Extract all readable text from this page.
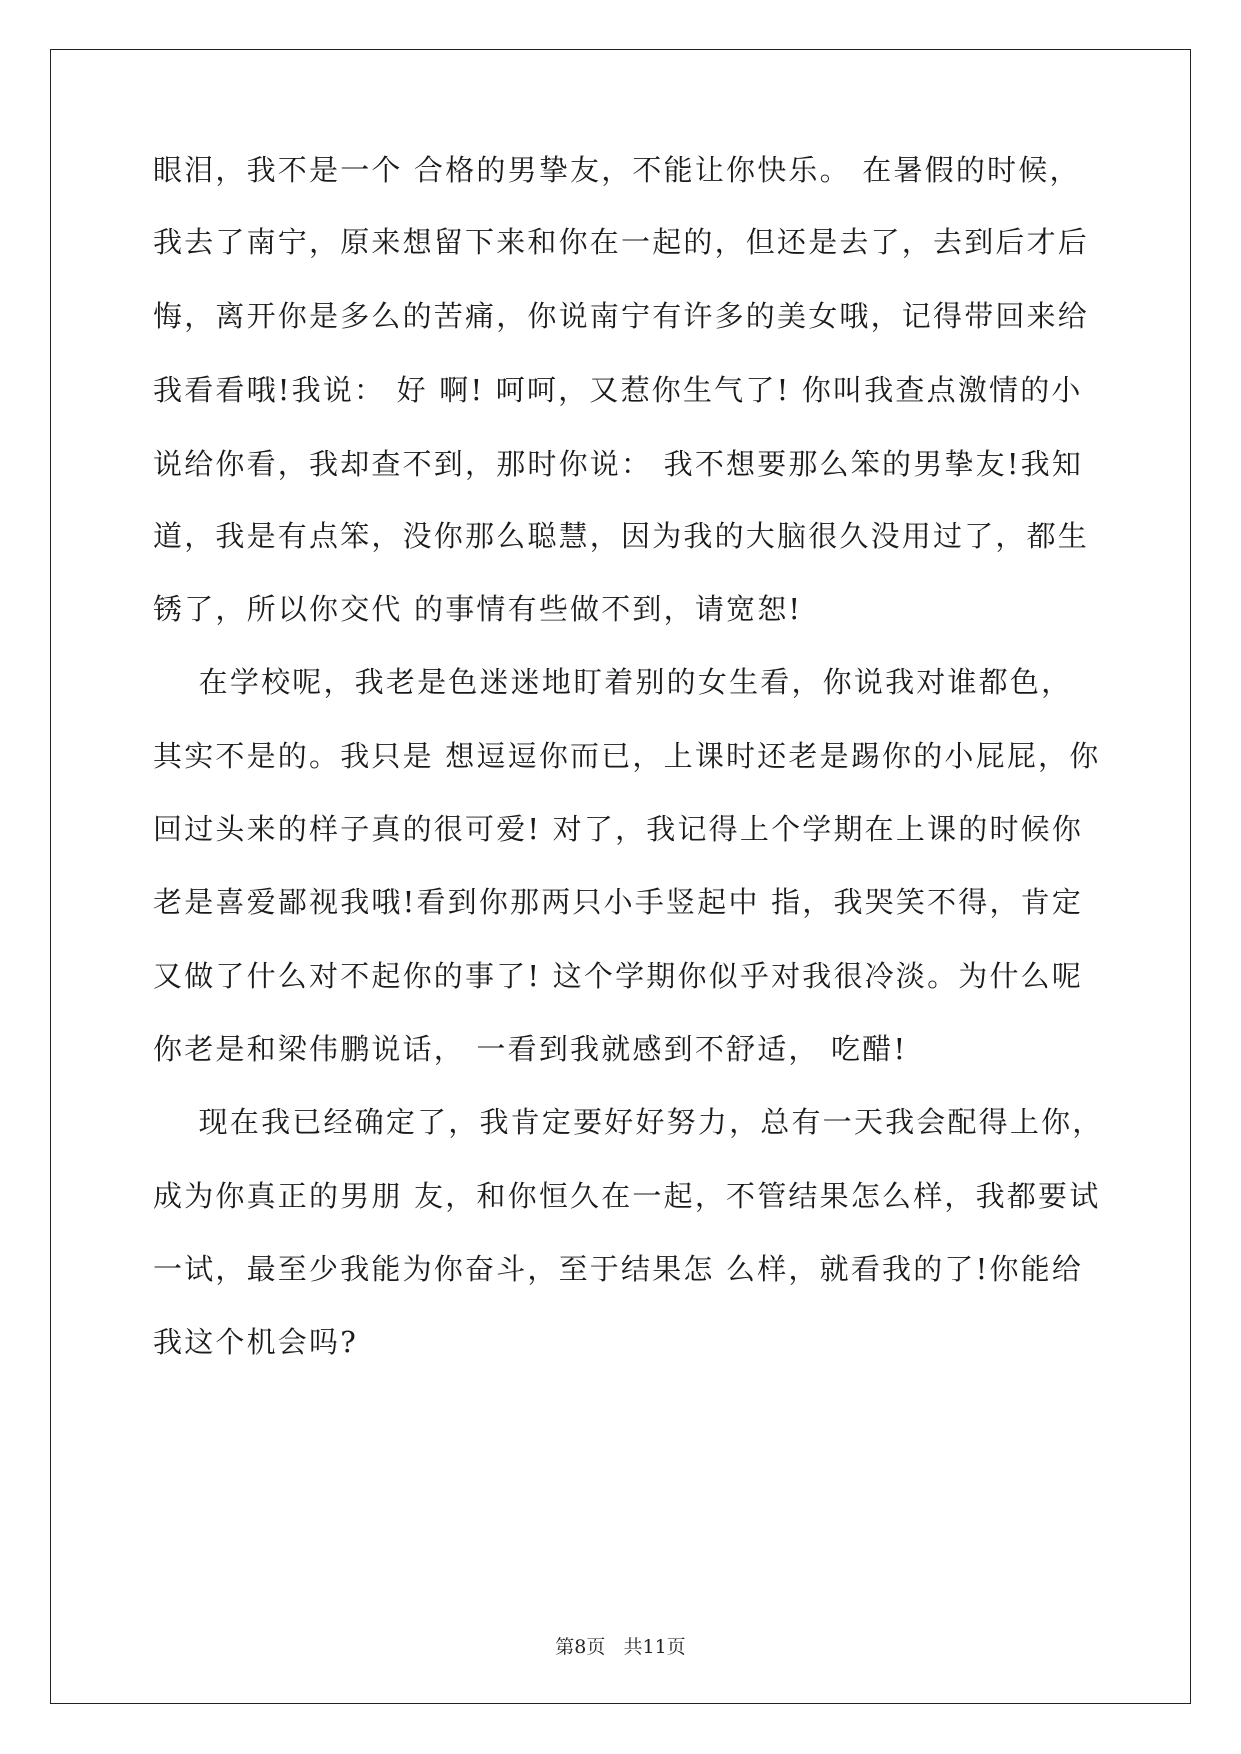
眼泪，我不是一个 合格的男挚友，不能让你快乐。 在暑假的时候，
我去了南宁，原来想留下来和你在一起的，但还是去了，去到后才后
悔，离开你是多么的苦痛，你说南宁有许多的美女哦，记得带回来给
我看看哦!我说： 好 啊! 呵呵，又惹你生气了! 你叫我查点激情的小
说给你看，我却查不到，那时你说： 我不想要那么笨的男挚友!我知
道，我是有点笨，没你那么聪慧，因为我的大脑很久没用过了，都生
锈了，所以你交代 的事情有些做不到，请宽恕!
在学校呢，我老是色迷迷地盯着别的女生看，你说我对谁都色，
其实不是的。我只是 想逗逗你而已，上课时还老是踢你的小屁屁，你
回过头来的样子真的很可爱! 对了，我记得上个学期在上课的时候你
老是喜爱鄙视我哦!看到你那两只小手竖起中 指，我哭笑不得，肯定
又做了什么对不起你的事了! 这个学期你似乎对我很冷淡。为什么呢
你老是和梁伟鹏说话， 一看到我就感到不舒适， 吃醋!
现在我已经确定了，我肯定要好好努力，总有一天我会配得上你，
成为你真正的男朋 友，和你恒久在一起，不管结果怎么样，我都要试
一试，最至少我能为你奋斗，至于结果怎 么样，就看我的了!你能给
我这个机会吗?
第8页   共11页
